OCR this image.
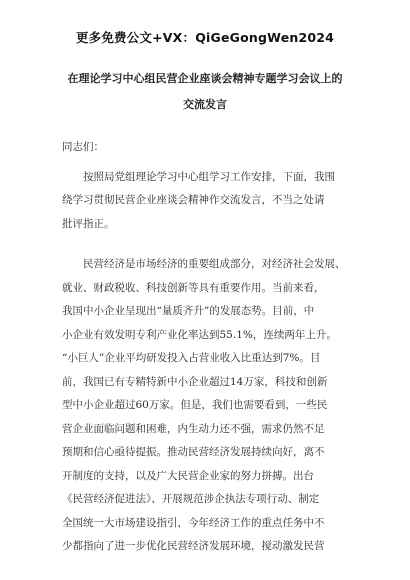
更多免费公文+VX：QiGeGongWen2024
在理论学习中心组民营企业座谈会精神专题学习会议上的
交流发言
同志们：
按照局党组理论学习中心组学习工作安排，下面，我围
绕学习贯彻民营企业座谈会精神作交流发言，不当之处请
批评指正。
民营经济是市场经济的重要组成部分，对经济社会发展、
就业、财政税收、科技创新等具有重要作用。当前来看，
我国中小企业呈现出“量质齐升”的发展态势。目前，中
小企业有效发明专利产业化率达到55.1%，连续两年上升。
“小巨人”企业平均研发投入占营业收入比重达到7%。目
前，我国已有专精特新中小企业超过14万家，科技和创新
型中小企业超过60万家。但是，我们也需要看到，一些民
营企业面临问题和困难，内生动力还不强，需求仍然不足
预期和信心亟待提振。推动民营经济发展持续向好，离不
开制度的支持，以及广大民营企业家的努力拼搏。出台
《民营经济促进法》、开展规范涉企执法专项行动、制定
全国统一大市场建设指引，今年经济工作的重点任务中不
少都指向了进一步优化民营经济发展环境，搅动激发民营
